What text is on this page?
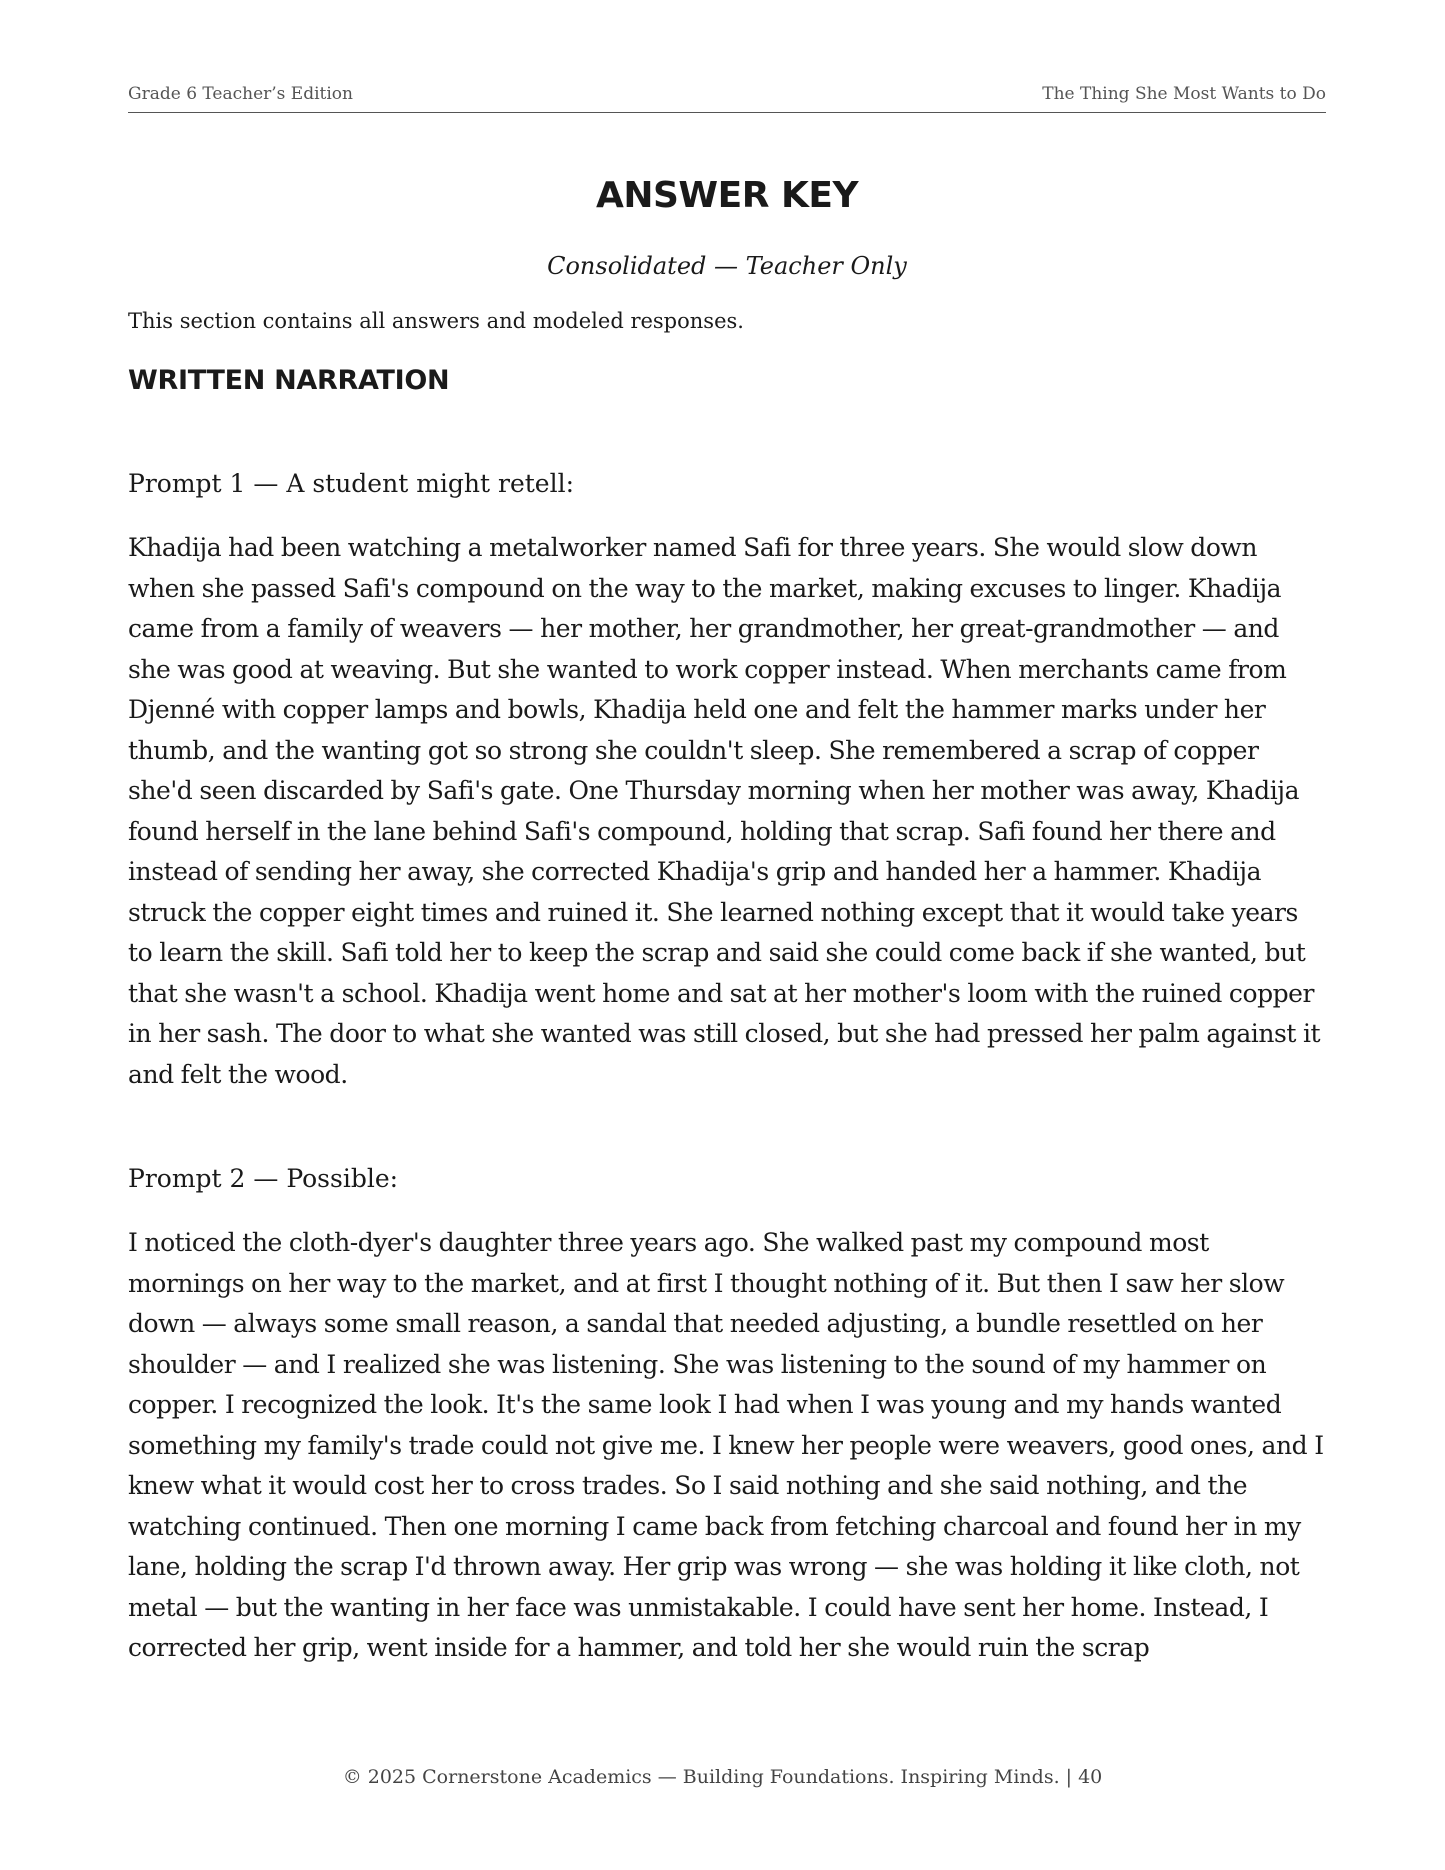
Grade 6 Teacher’s Edition	The Thing She Most Wants to Do
ANSWER KEY

Consolidated — Teacher Only

This section contains all answers and modeled responses.

WRITTEN NARRATION

Prompt 1 — A student might retell:

Khadija had been watching a metalworker named Safi for three years. She would slow down when she passed Safi's compound on the way to the market, making excuses to linger. Khadija came from a family of weavers — her mother, her grandmother, her great-grandmother — and she was good at weaving. But she wanted to work copper instead. When merchants came from Djenné with copper lamps and bowls, Khadija held one and felt the hammer marks under her thumb, and the wanting got so strong she couldn't sleep. She remembered a scrap of copper she'd seen discarded by Safi's gate. One Thursday morning when her mother was away, Khadija found herself in the lane behind Safi's compound, holding that scrap. Safi found her there and instead of sending her away, she corrected Khadija's grip and handed her a hammer. Khadija struck the copper eight times and ruined it. She learned nothing except that it would take years to learn the skill. Safi told her to keep the scrap and said she could come back if she wanted, but that she wasn't a school. Khadija went home and sat at her mother's loom with the ruined copper in her sash. The door to what she wanted was still closed, but she had pressed her palm against it and felt the wood.

Prompt 2 — Possible:

I noticed the cloth-dyer's daughter three years ago. She walked past my compound most mornings on her way to the market, and at first I thought nothing of it. But then I saw her slow down — always some small reason, a sandal that needed adjusting, a bundle resettled on her shoulder — and I realized she was listening. She was listening to the sound of my hammer on copper. I recognized the look. It's the same look I had when I was young and my hands wanted something my family's trade could not give me. I knew her people were weavers, good ones, and I knew what it would cost her to cross trades. So I said nothing and she said nothing, and the watching continued. Then one morning I came back from fetching charcoal and found her in my lane, holding the scrap I'd thrown away. Her grip was wrong — she was holding it like cloth, not metal — but the wanting in her face was unmistakable. I could have sent her home. Instead, I corrected her grip, went inside for a hammer, and told her she would ruin the scrap

© 2025 Cornerstone Academics — Building Foundations. Inspiring Minds. | 40
